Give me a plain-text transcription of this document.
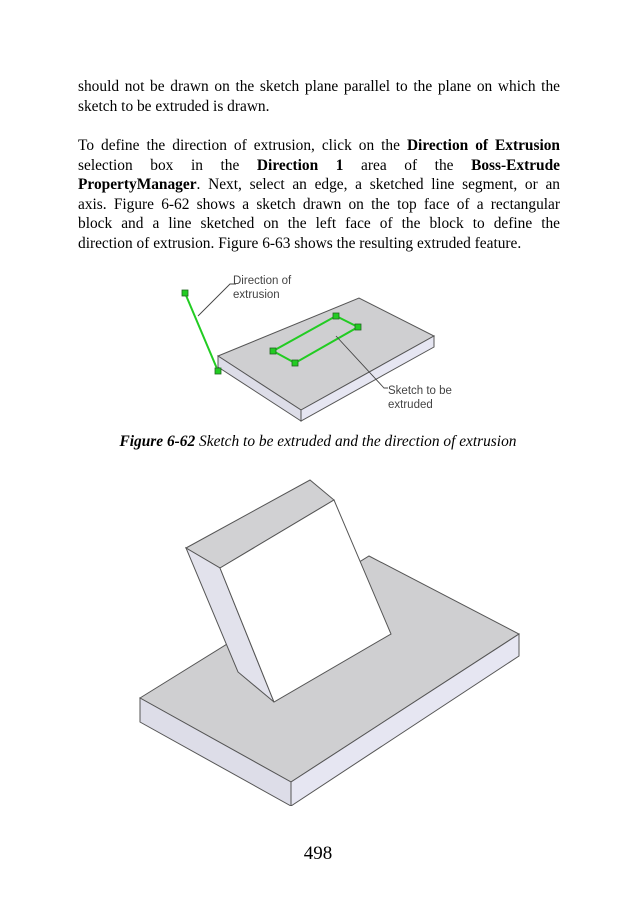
should not be drawn on the sketch plane parallel to the plane on which the
sketch to be extruded is drawn.
To define the direction of extrusion, click on the Direction of Extrusion
selection box in the Direction 1 area of the Boss-Extrude
PropertyManager. Next, select an edge, a sketched line segment, or an
axis. Figure 6-62 shows a sketch drawn on the top face of a rectangular
block and a line sketched on the left face of the block to define the
direction of extrusion. Figure 6-63 shows the resulting extruded feature.
Direction of
extrusion
Sketch to be
extruded
Figure 6-62 Sketch to be extruded and the direction of extrusion
498
